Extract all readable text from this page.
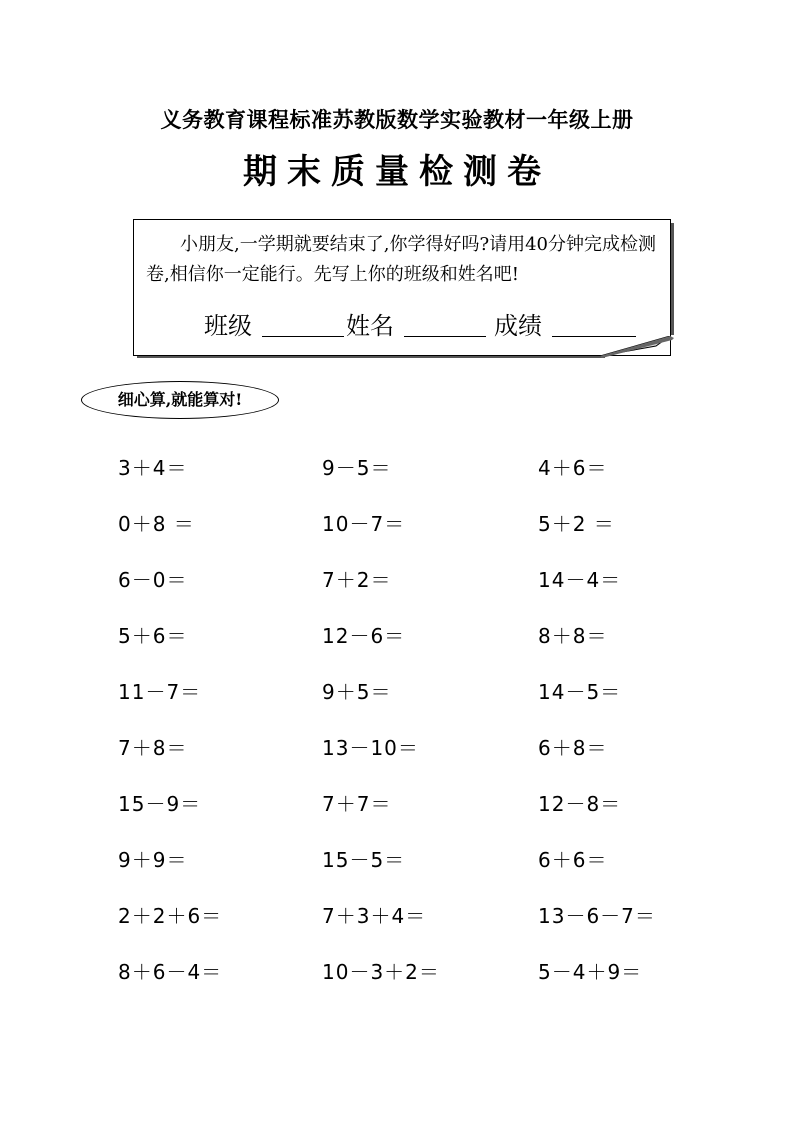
义务教育课程标准苏教版数学实验教材一年级上册
期末质量检测卷
小朋友,一学期就要结束了,你学得好吗?请用40分钟完成检测卷,相信你一定能行。先写上你的班级和姓名吧!
班级	姓名	成绩
细心算,就能算对!
3＋4＝	9－5＝	4＋6＝
0＋8 ＝	10－7＝	5＋2 ＝
6－0＝	7＋2＝	14－4＝
5＋6＝	12－6＝	8＋8＝
11－7＝	9＋5＝	14－5＝
7＋8＝	13－10＝	6＋8＝
15－9＝	7＋7＝	12－8＝
9＋9＝	15－5＝	6＋6＝
2＋2＋6＝	7＋3＋4＝	13－6－7＝
8＋6－4＝	10－3＋2＝	5－4＋9＝
